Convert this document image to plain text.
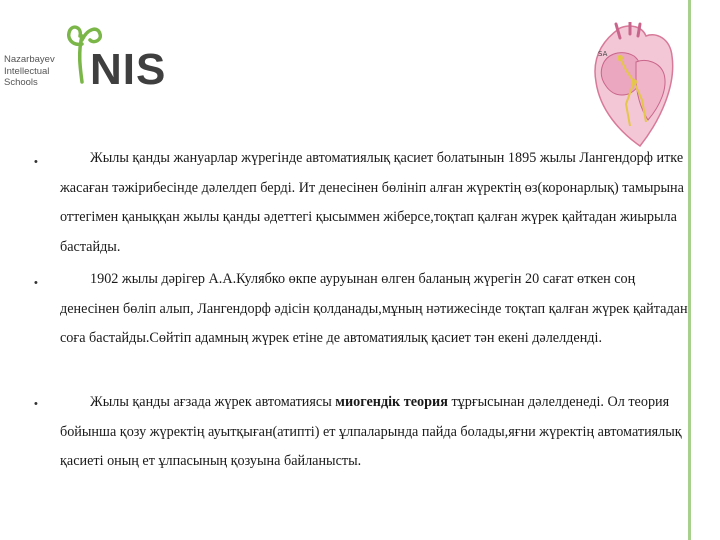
Nazarbayev
Intellectual
Schools	NIS	SA
•	Жылы қанды жануарлар жүрегінде автоматиялық қасиет болатынын 1895 жылы Лангендорф итке жасаған тәжірибесінде дәлелдеп берді. Ит денесінен бөлініп алған жүректің өз(коронарлық) тамырына оттегімен қаныққан жылы қанды әдеттегі қысыммен жіберсе,тоқтап қалған жүрек қайтадан жиырыла бастайды.

•	1902 жылы дәрігер А.А.Кулябко өкпе ауруынан өлген баланың жүрегін 20 сағат өткен соң денесінен бөліп алып, Лангендорф әдісін қолданады,мұның нәтижесінде тоқтап қалған жүрек қайтадан соға бастайды.Сөйтіп адамның жүрек етіне де автоматиялық қасиет тән екені дәлелденді.

•	Жылы қанды ағзада жүрек автоматиясы миогендік теория тұрғысынан дәлелденеді. Ол теория бойынша қозу жүректің ауытқыған(атипті) ет ұлпаларында пайда болады,яғни жүректің автоматиялық қасиеті оның ет ұлпасының қозуына байланысты.
